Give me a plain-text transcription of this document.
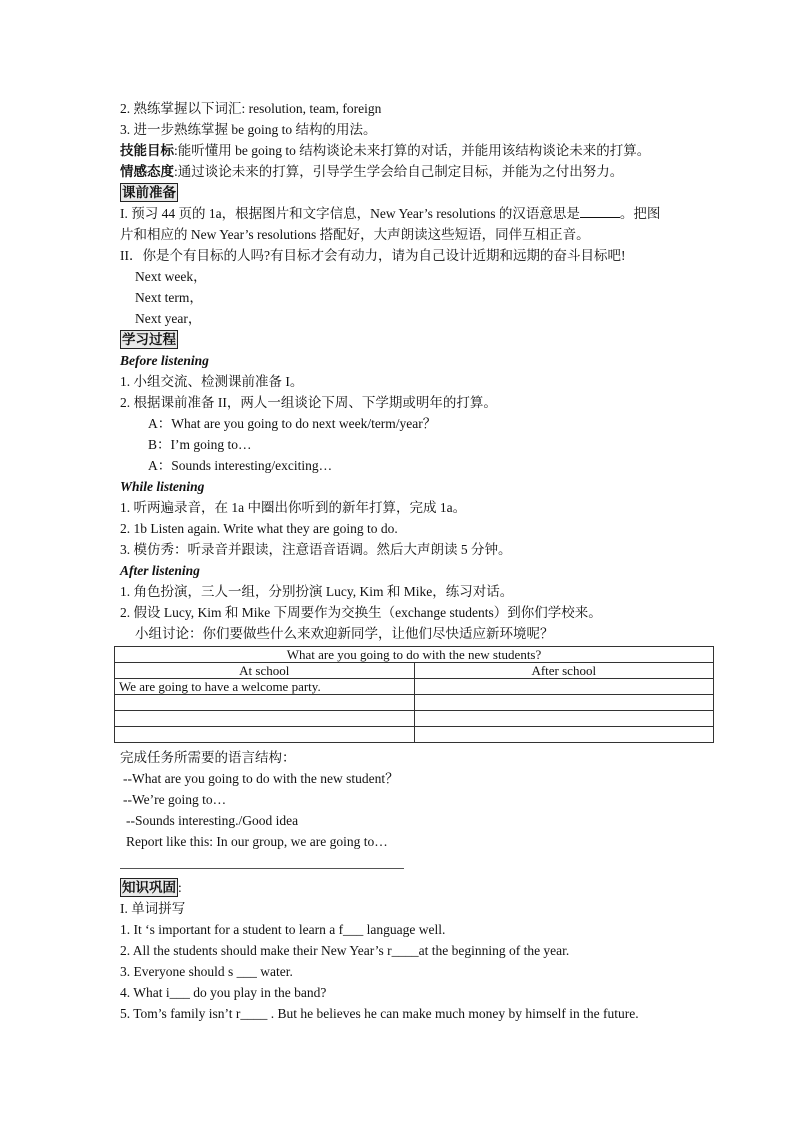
2. 熟练掌握以下词汇: resolution, team, foreign
3. 进一步熟练掌握 be going to 结构的用法。
技能目标:能听懂用 be going to 结构谈论未来打算的对话，并能用该结构谈论未来的打算。
情感态度:通过谈论未来的打算，引导学生学会给自己制定目标，并能为之付出努力。
课前准备
I. 预习 44 页的 1a，根据图片和文字信息，New Year’s resolutions 的汉语意思是	。把图
片和相应的 New Year’s resolutions 搭配好，大声朗读这些短语，同伴互相正音。
II．你是个有目标的人吗?有目标才会有动力，请为自己设计近期和远期的奋斗目标吧!
Next week，
Next term，
Next year，
学习过程
Before listening
1. 小组交流、检测课前准备 I。
2. 根据课前准备 II，两人一组谈论下周、下学期或明年的打算。
A：What are you going to do next week/term/year？
B：I’m going to…
A：Sounds interesting/exciting…
While listening
1. 听两遍录音，在 1a 中圈出你听到的新年打算，完成 1a。
2. 1b Listen again. Write what they are going to do.
3. 模仿秀：听录音并跟读，注意语音语调。然后大声朗读 5 分钟。
After listening
1. 角色扮演，三人一组，分别扮演 Lucy, Kim 和 Mike，练习对话。
2. 假设 Lucy, Kim 和 Mike 下周要作为交换生（exchange students）到你们学校来。
小组讨论：你们要做些什么来欢迎新同学，让他们尽快适应新环境呢？
What are you going to do with the new students?	
At school	After school
We are going to have a welcome party.	

完成任务所需要的语言结构：
--What are you going to do with the new student？
--We’re going to…
--Sounds interesting./Good idea
Report like this: In our group, we are going to…
知识巩固 :
I. 单词拼写
1. It ‘s important for a student to learn a f___ language well.
2. All the students should make their New Year’s r____at the beginning of the year.
3. Everyone should s ___ water.
4. What i___ do you play in the band?
5. Tom’s family isn’t r____ . But he believes he can make much money by himself in the future.
